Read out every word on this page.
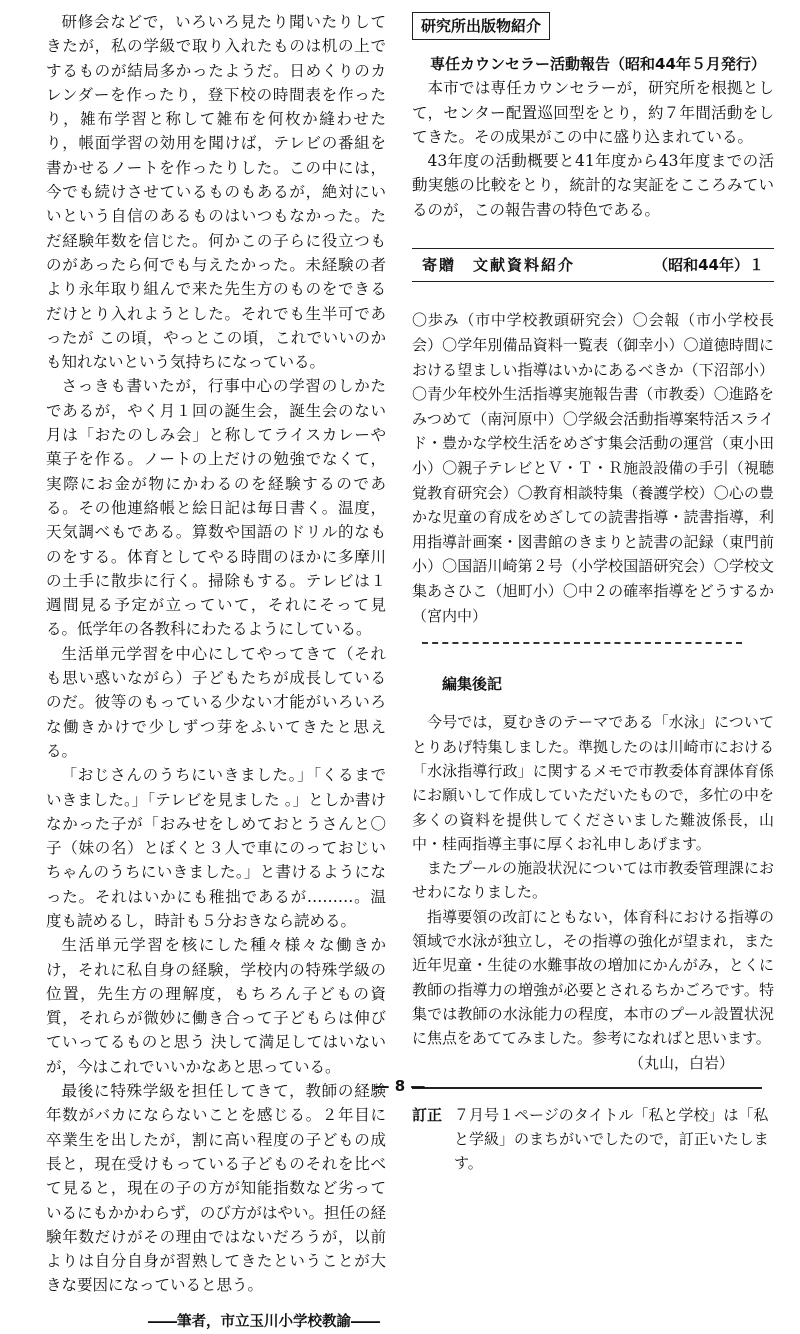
研修会などで，いろいろ見たり聞いたりしてきたが，私の学級で取り入れたものは机の上でするものが結局多かったようだ。日めくりのカレンダーを作ったり，登下校の時間表を作ったり，雑布学習と称して雑布を何枚か縫わせたり，帳面学習の効用を聞けば，テレビの番組を書かせるノートを作ったりした。この中には，今でも続けさせているものもあるが，絶対にいいという自信のあるものはいつもなかった。ただ経験年数を信じた。何かこの子らに役立つものがあったら何でも与えたかった。未経験の者より永年取り組んで来た先生方のものをできるだけとり入れようとした。それでも生半可であったが この頃，やっとこの頃，これでいいのかも知れないという気持ちになっている。

さっきも書いたが，行事中心の学習のしかたであるが，やく月１回の誕生会，誕生会のない月は「おたのしみ会」と称してライスカレーや菓子を作る。ノートの上だけの勉強でなくて，実際にお金が物にかわるのを経験するのである。その他連絡帳と絵日記は毎日書く。温度，天気調べもである。算数や国語のドリル的なものをする。体育としてやる時間のほかに多摩川の土手に散歩に行く。掃除もする。テレビは１週間見る予定が立っていて，それにそって見る。低学年の各教科にわたるようにしている。

生活単元学習を中心にしてやってきて（それも思い惑いながら）子どもたちが成長しているのだ。彼等のもっている少ない才能がいろいろな働きかけで少しずつ芽をふいてきたと思える。

「おじさんのうちにいきました。」「くるまでいきました。」「テレビを見ました 。」としか書けなかった子が「おみせをしめておとうさんと〇子（妹の名）とぼくと３人で車にのっておじいちゃんのうちにいきました。」と書けるようになった。それはいかにも稚拙であるが………。温度も読めるし，時計も５分おきなら読める。

生活単元学習を核にした種々様々な働きかけ，それに私自身の経験，学校内の特殊学級の位置，先生方の理解度，もちろん子どもの資質，それらが微妙に働き合って子どもらは伸びていってるものと思う 決して満足してはいないが，今はこれでいいかなあと思っている。

最後に特殊学級を担任してきて，教師の経験年数がバカにならないことを感じる。２年目に卒業生を出したが，割に高い程度の子どもの成長と，現在受けもっている子どものそれを比べて見ると，現在の子の方が知能指数など劣っているにもかかわらず，のび方がはやい。担任の経験年数だけがその理由ではないだろうが，以前よりは自分自身が習熟してきたということが大きな要因になっていると思う。

――筆者，市立玉川小学校教諭――

研究所出版物紹介
専任カウンセラー活動報告（昭和44年５月発行）

本市では専任カウンセラーが，研究所を根拠として，センター配置巡回型をとり，約７年間活動をしてきた。その成果がこの中に盛り込まれている。

43年度の活動概要と41年度から43年度までの活動実態の比較をとり，統計的な実証をこころみているのが，この報告書の特色である。

寄贈　文献資料紹介	（昭和44年）１
〇歩み（市中学校教頭研究会）〇会報（市小学校長会）〇学年別備品資料一覧表（御幸小）〇道徳時間における望ましい指導はいかにあるべきか（下沼部小）〇青少年校外生活指導実施報告書（市教委）〇進路をみつめて（南河原中）〇学級会活動指導案特活スライド・豊かな学校生活をめざす集会活動の運営（東小田小）〇親子テレビとＶ・Ｔ・Ｒ施設設備の手引（視聴覚教育研究会）〇教育相談特集（養護学校）〇心の豊かな児童の育成をめざしての読書指導・読書指導，利用指導計画案・図書館のきまりと読書の記録（東門前小）〇国語川崎第２号（小学校国語研究会）〇学校文集あさひこ（旭町小）〇中２の確率指導をどうするか（宮内中）
編集後記

今号では，夏むきのテーマである「水泳」についてとりあげ特集しました。準拠したのは川崎市における「水泳指導行政」に関するメモで市教委体育課体育係にお願いして作成していただいたもので，多忙の中を多くの資料を提供してくださいました難波係長，山中・桂両指導主事に厚くお礼申しあげます。

またプールの施設状況については市教委管理課におせわになりました。

指導要領の改訂にともない，体育科における指導の領域で水泳が独立し，その指導の強化が望まれ，また近年児童・生徒の水難事故の増加にかんがみ，とくに教師の指導力の増強が必要とされるちかごろです。特集では教師の水泳能力の程度，本市のプール設置状況に焦点をあててみました。参考になればと思います。

（丸山，白岩）

訂正 ７月号１ページのタイトル「私と学校」は「私と学級」のまちがいでしたので，訂正いたします。
— 8 —
